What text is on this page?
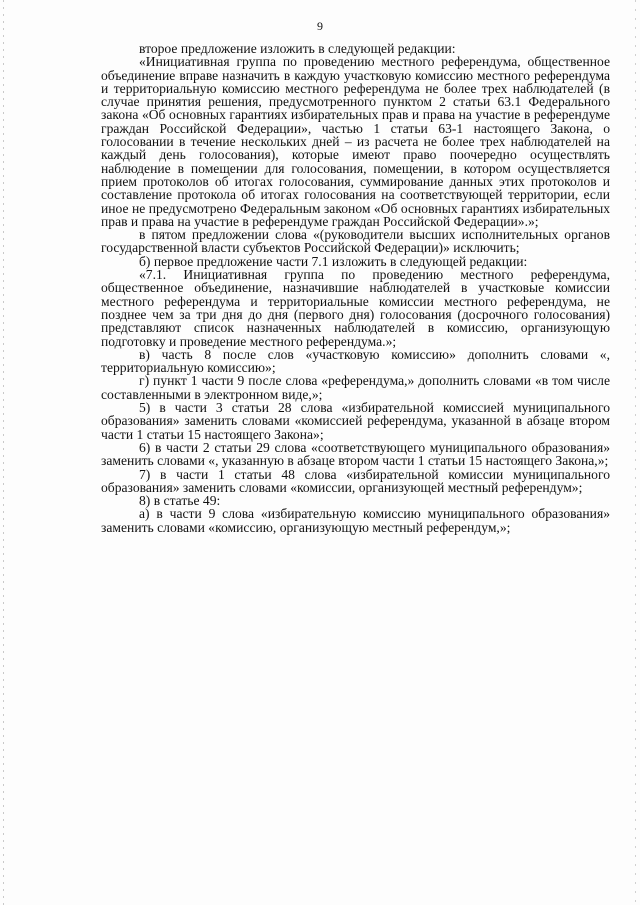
9

второе предложение изложить в следующей редакции:

«Инициативная группа по проведению местного референдума, общественное объединение вправе назначить в каждую участковую комиссию местного референдума и территориальную комиссию местного референдума не более трех наблюдателей (в случае принятия решения, предусмотренного пунктом 2 статьи 63.1 Федерального закона «Об основных гарантиях избирательных прав и права на участие в референдуме граждан Российской Федерации», частью 1 статьи 63-1 настоящего Закона, о голосовании в течение нескольких дней – из расчета не более трех наблюдателей на каждый день голосования), которые имеют право поочередно осуществлять наблюдение в помещении для голосования, помещении, в котором осуществляется прием протоколов об итогах голосования, суммирование данных этих протоколов и составление протокола об итогах голосования на соответствующей территории, если иное не предусмотрено Федеральным законом «Об основных гарантиях избирательных прав и права на участие в референдуме граждан Российской Федерации».»;

в пятом предложении слова «(руководители высших исполнительных органов государственной власти субъектов Российской Федерации)» исключить;

б) первое предложение части 7.1 изложить в следующей редакции:

«7.1. Инициативная группа по проведению местного референдума, общественное объединение, назначившие наблюдателей в участковые комиссии местного референдума и территориальные комиссии местного референдума, не позднее чем за три дня до дня (первого дня) голосования (досрочного голосования) представляют список назначенных наблюдателей в комиссию, организующую подготовку и проведение местного референдума.»;

в) часть 8 после слов «участковую комиссию» дополнить словами «, территориальную комиссию»;

г) пункт 1 части 9 после слова «референдума,» дополнить словами «в том числе составленными в электронном виде,»;

5) в части 3 статьи 28 слова «избирательной комиссией муниципального образования» заменить словами «комиссией референдума, указанной в абзаце втором части 1 статьи 15 настоящего Закона»;

6) в части 2 статьи 29 слова «соответствующего муниципального образования» заменить словами «, указанную в абзаце втором части 1 статьи 15 настоящего Закона,»;

7) в части 1 статьи 48 слова «избирательной комиссии муниципального образования» заменить словами «комиссии, организующей местный референдум»;

8) в статье 49:

а) в части 9 слова «избирательную комиссию муниципального образования» заменить словами «комиссию, организующую местный референдум,»;
